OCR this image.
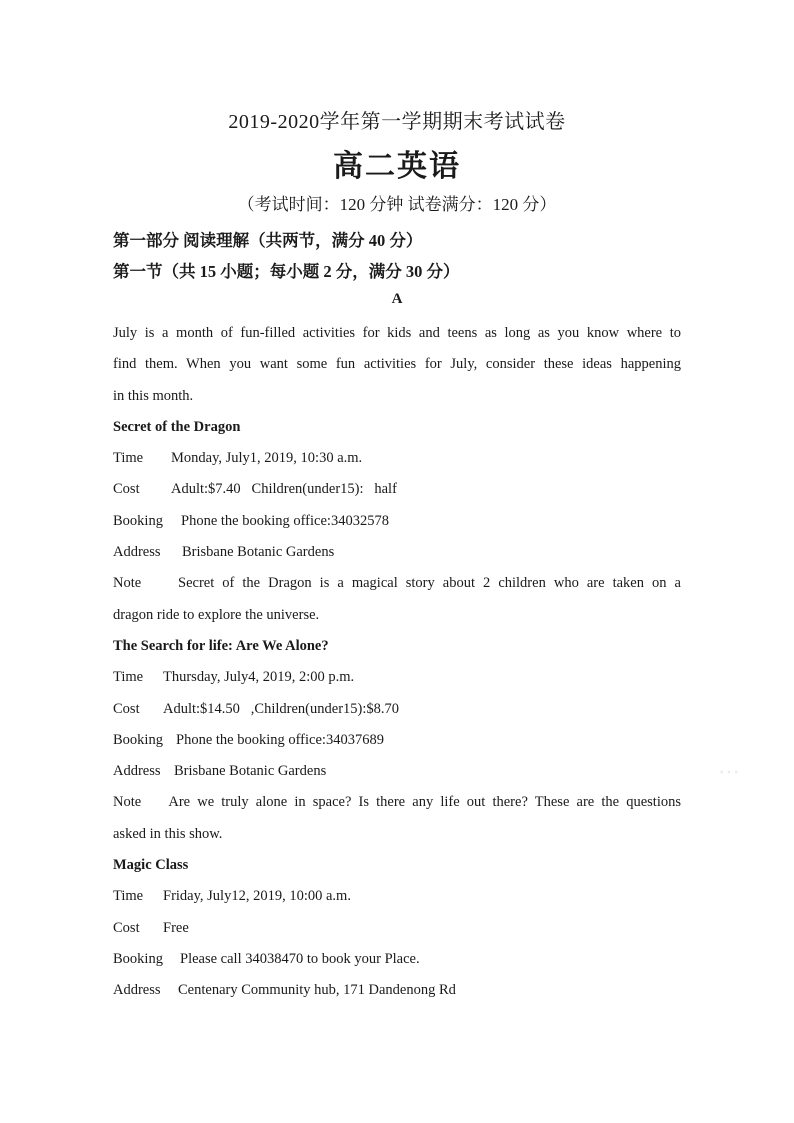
2019-2020学年第一学期期末考试试卷
高二英语
（考试时间：120 分钟 试卷满分：120 分）
第一部分 阅读理解（共两节，满分 40 分）
第一节（共 15 小题；每小题 2 分，满分 30 分）
A
July is a month of fun-filled activities for kids and teens as long as you know where to
find them. When you want some fun activities for July, consider these ideas happening
in this month.
Secret of the Dragon
Time Monday, July1, 2019, 10:30 a.m.
Cost Adult:$7.40   Children(under15):   half
Booking Phone the booking office:34032578
Address Brisbane Botanic Gardens
Note	Secret of the Dragon is a magical story about 2 children who are taken on a
dragon ride to explore the universe.
The Search for life: Are We Alone?
Time Thursday, July4, 2019, 2:00 p.m.
Cost Adult:$14.50   ,Children(under15):$8.70
Booking Phone the booking office:34037689
Address Brisbane Botanic Gardens
Note Are we truly alone in space? Is there any life out there? These are the questions
asked in this show.
Magic Class
Time Friday, July12, 2019, 10:00 a.m.
Cost Free
Booking Please call 34038470 to book your Place.
Address Centenary Community hub, 171 Dandenong Rd
⋯
